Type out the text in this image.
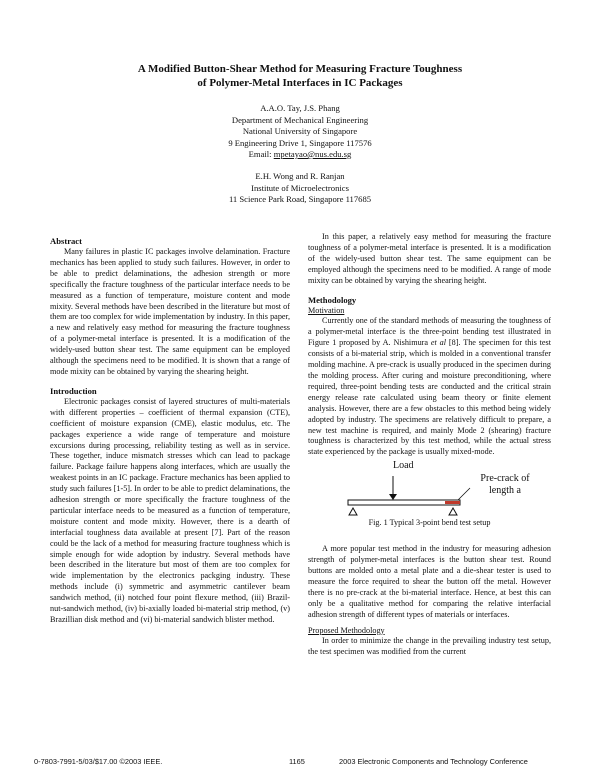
A Modified Button-Shear Method for Measuring Fracture Toughness
of Polymer-Metal Interfaces in IC Packages
A.A.O. Tay, J.S. Phang
Department of Mechanical Engineering
National University of Singapore
9 Engineering Drive 1, Singapore 117576
Email: mpetayao@nus.edu.sg
E.H. Wong and R. Ranjan
Institute of Microelectronics
11 Science Park Road, Singapore 117685

Abstract

Many failures in plastic IC packages involve delamination. Fracture mechanics has been applied to study such failures. However, in order to be able to predict delaminations, the adhesion strength or more specifically the fracture toughness of the particular interface needs to be measured as a function of temperature, moisture content and mode mixity. Several methods have been described in the literature but most of them are too complex for wide implementation by industry. In this paper, a new and relatively easy method for measuring the fracture toughness of a polymer-metal interface is presented. It is a modification of the widely-used button shear test. The same equipment can be employed although the specimens need to be modified. It is shown that a range of mode mixity can be obtained by varying the shearing height.

Introduction

Electronic packages consist of layered structures of multi-materials with different properties – coefficient of thermal expansion (CTE), coefficient of moisture expansion (CME), elastic modulus, etc. The packages experience a wide range of temperature and moisture excursions during processing, reliability testing as well as in service. These together, induce mismatch stresses which can lead to package failure. Package failure happens along interfaces, which are usually the weakest points in an IC package. Fracture mechanics has been applied to study such failures [1-5]. In order to be able to predict delaminations, the adhesion strength or more specifically the fracture toughness of the particular interface needs to be measured as a function of temperature, moisture content and mode mixity. However, there is a dearth of interfacial toughness data available at present [7]. Part of the reason could be the lack of a method for measuring fracture toughness which is simple enough for wide adoption by industry. Several methods have been described in the literature but most of them are too complex for wide implementation by the electronics packging industry. These methods include (i) symmetric and asymmetric cantilever beam sandwich method, (ii) notched four point flexure method, (iii) Brazil-nut-sandwich method, (iv) bi-axially loaded bi-material strip method, (v) Brazillian disk method and (vi) bi-material sandwich blister method.

In this paper, a relatively easy method for measuring the fracture toughness of a polymer-metal interface is presented. It is a modification of the widely-used button shear test. The same equipment can be employed although the specimens need to be modified. A range of mode mixity can be obtained by varying the shearing height.

Methodology

Motivation

Currently one of the standard methods of measuring the toughness of a polymer-metal interface is the three-point bending test illustrated in Figure 1 proposed by A. Nishimura et al [8]. The specimen for this test consists of a bi-material strip, which is molded in a conventional transfer molding machine. A pre-crack is usually produced in the specimen during the molding process. After curing and moisture preconditioning, where required, three-point bending tests are conducted and the critical strain energy release rate calculated using beam theory or finite element analysis. However, there are a few obstacles to this method being widely adopted by industry. The specimens are relatively difficult to prepare, a new test machine is required, and mainly Mode 2 (shearing) fracture toughness is characterized by this test method, while the actual stress state experienced by the package is usually mixed-mode.

Load
Pre-crack of
length a
Fig. 1 Typical 3-point bend test setup

A more popular test method in the industry for measuring adhesion strength of polymer-metal interfaces is the button shear test. Round buttons are molded onto a metal plate and a die-shear tester is used to measure the force required to shear the button off the metal. However there is no pre-crack at the bi-material interface. Hence, at best this can only be a qualitative method for comparing the relative interfacial adhesion strength of different types of materials or interfaces.

Proposed Methodology

In order to minimize the change in the prevailing industry test setup, the test specimen was modified from the current

0-7803-7991-5/03/$17.00 ©2003 IEEE.	1165	2003 Electronic Components and Technology Conference
